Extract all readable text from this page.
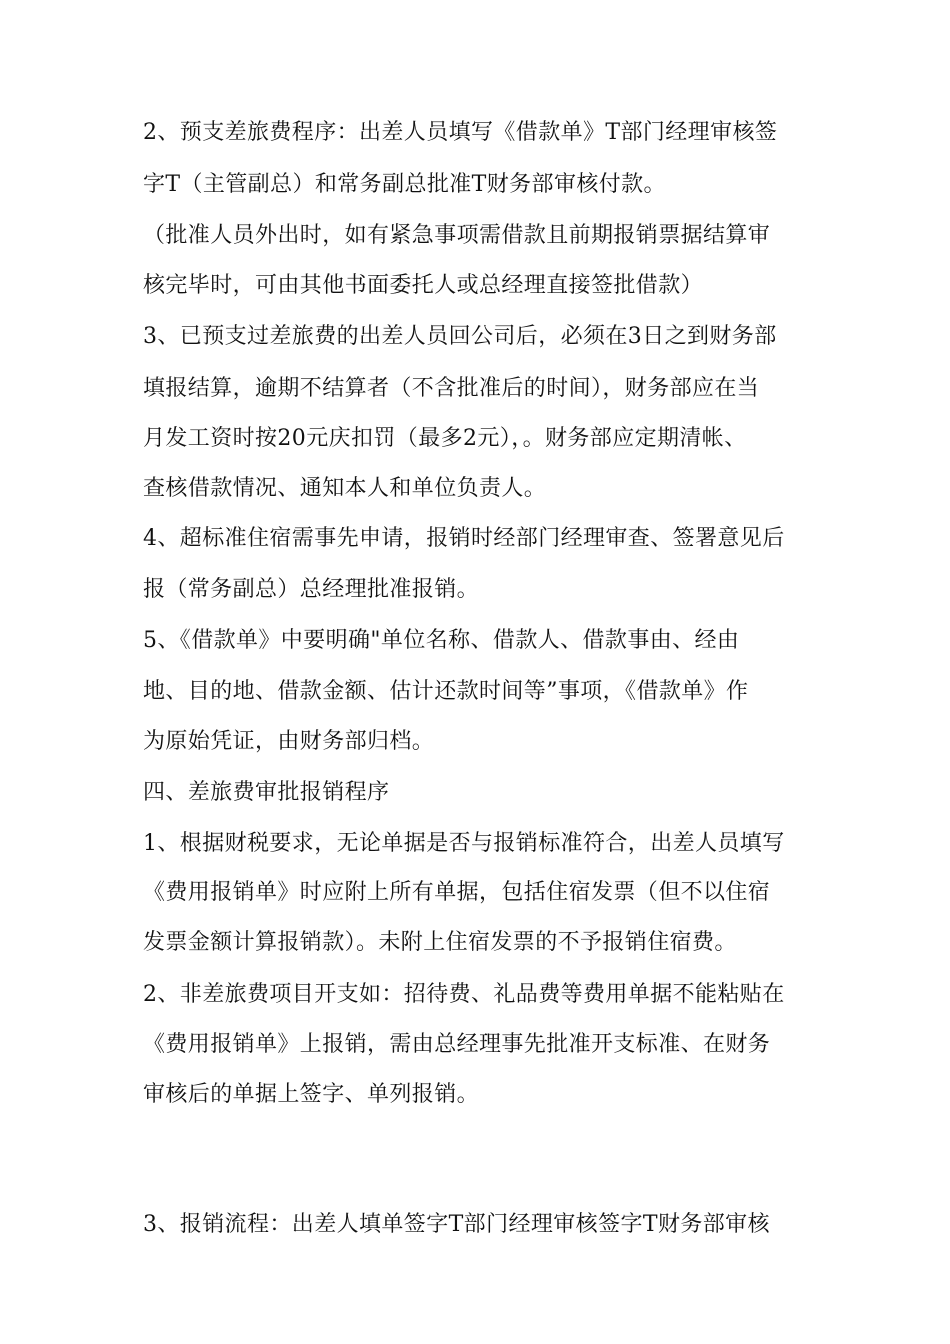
2、预支差旅费程序：出差人员填写《借款单》T部门经理审核签
字T（主管副总）和常务副总批准T财务部审核付款。
（批准人员外出时，如有紧急事项需借款且前期报销票据结算审
核完毕时，可由其他书面委托人或总经理直接签批借款）
3、已预支过差旅费的出差人员回公司后，必须在3日之到财务部
填报结算，逾期不结算者（不含批准后的时间），财务部应在当
月发工资时按20元庆扣罚（最多2元），。财务部应定期清帐、
查核借款情况、通知本人和单位负责人。
4、超标准住宿需事先申请，报销时经部门经理审查、签署意见后
报（常务副总）总经理批准报销。
5、《借款单》中要明确"单位名称、借款人、借款事由、经由
地、目的地、借款金额、估计还款时间等”事项，《借款单》作
为原始凭证，由财务部归档。
四、差旅费审批报销程序
1、根据财税要求，无论单据是否与报销标准符合，出差人员填写
《费用报销单》时应附上所有单据，包括住宿发票（但不以住宿
发票金额计算报销款）。未附上住宿发票的不予报销住宿费。
2、非差旅费项目开支如：招待费、礼品费等费用单据不能粘贴在
《费用报销单》上报销，需由总经理事先批准开支标准、在财务
审核后的单据上签字、单列报销。
3、报销流程：出差人填单签字T部门经理审核签字T财务部审核
